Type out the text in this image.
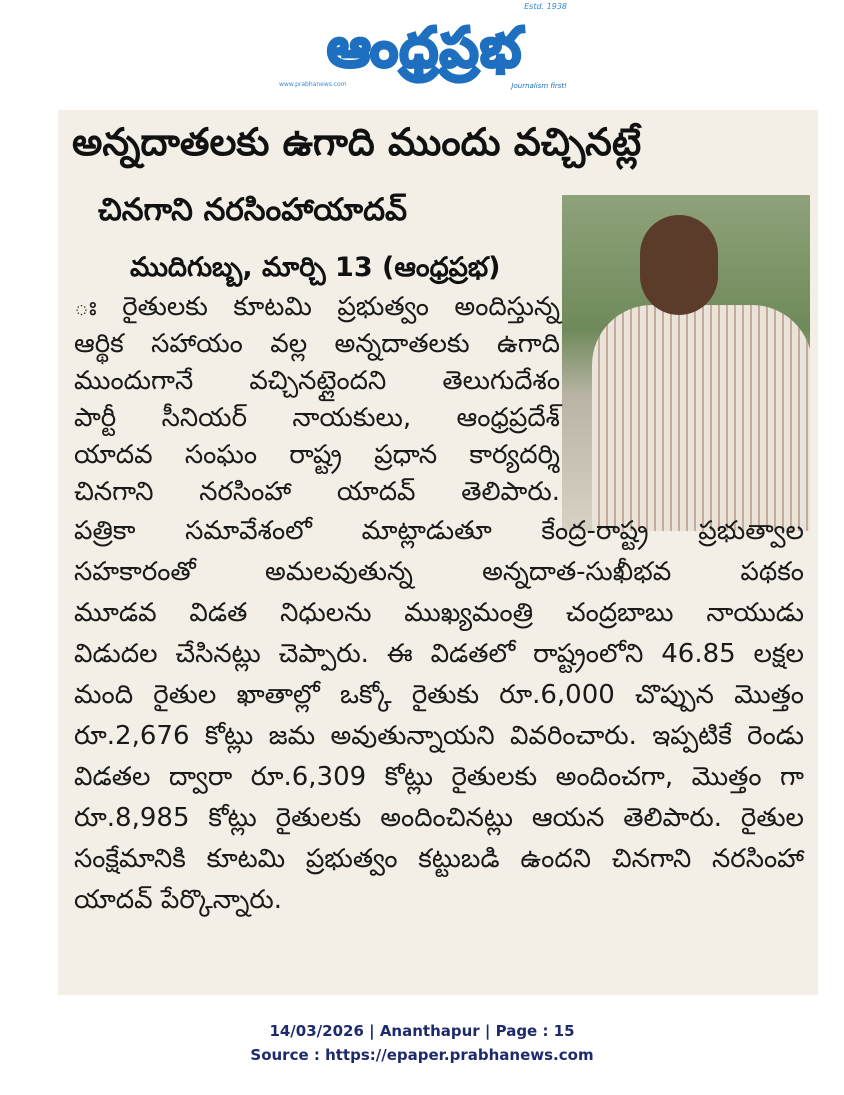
Estd. 1938
ఆంధ్రప్రభ
www.prabhanews.com	Journalism first!
అన్నదాతలకు ఉగాది ముందు వచ్చినట్లే
చినగాని నరసింహాయాదవ్
ముదిగుబ్బ, మార్చి 13 (ఆంధ్రప్రభ)
ః రైతులకు కూటమి ప్రభుత్వం అందిస్తున్న
ఆర్థిక సహాయం వల్ల అన్నదాతలకు ఉగాది
ముందుగానే వచ్చినట్లైందని తెలుగుదేశం
పార్టీ సీనియర్ నాయకులు, ఆంధ్రప్రదేశ్
యాదవ సంఘం రాష్ట్ర ప్రధాన కార్యదర్శి
చినగాని నరసింహా యాదవ్ తెలిపారు.
పత్రికా సమావేశంలో మాట్లాడుతూ కేంద్ర-రాష్ట్ర ప్రభుత్వాల
సహకారంతో అమలవుతున్న అన్నదాత-సుఖీభవ పథకం
మూడవ విడత నిధులను ముఖ్యమంత్రి చంద్రబాబు నాయుడు
విడుదల చేసినట్లు చెప్పారు. ఈ విడతలో రాష్ట్రంలోని 46.85 లక్షల
మంది రైతుల ఖాతాల్లో ఒక్కో రైతుకు రూ.6,000 చొప్పున మొత్తం
రూ.2,676 కోట్లు జమ అవుతున్నాయని వివరించారు. ఇప్పటికే రెండు
విడతల ద్వారా రూ.6,309 కోట్లు రైతులకు అందించగా, మొత్తం గా
రూ.8,985 కోట్లు రైతులకు అందించినట్లు ఆయన తెలిపారు. రైతుల
సంక్షేమానికి కూటమి ప్రభుత్వం కట్టుబడి ఉందని చినగాని నరసింహా
యాదవ్ పేర్కొన్నారు.
14/03/2026 | Ananthapur | Page : 15
Source : https://epaper.prabhanews.com
